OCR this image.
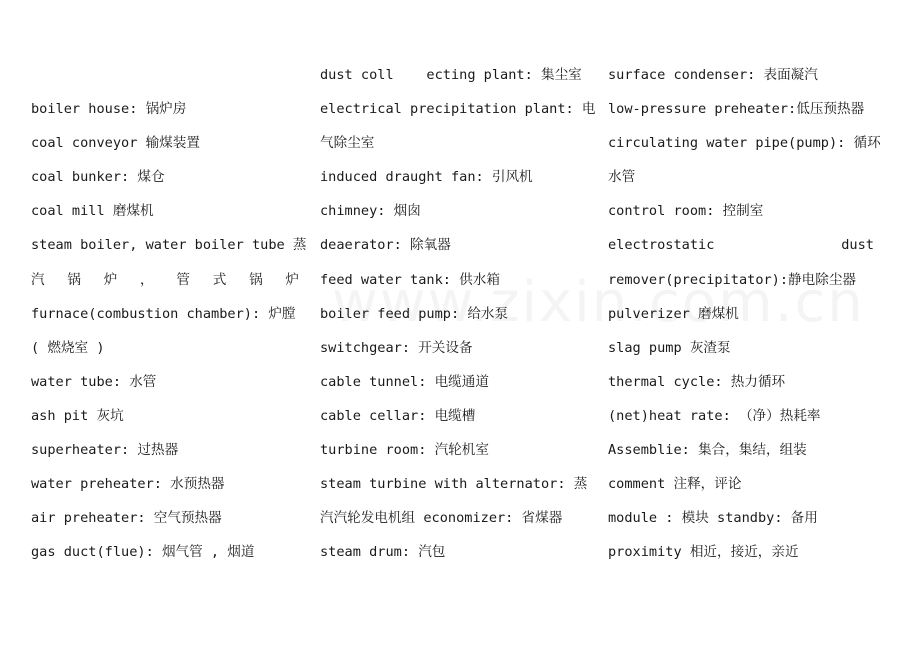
boiler house: 锅炉房
coal conveyor 输煤装置
coal bunker: 煤仓
coal mill 磨煤机
steam boiler, water boiler tube 蒸
汽 锅 炉 ， 管 式 锅 炉
furnace(combustion chamber): 炉膛
( 燃烧室 )
water tube: 水管
ash pit 灰坑
superheater: 过热器
water preheater: 水预热器
air preheater: 空气预热器
gas duct(flue): 烟气管 , 烟道
dust coll    ecting plant: 集尘室
electrical precipitation plant: 电
气除尘室
induced draught fan: 引风机
chimney: 烟囱
deaerator: 除氧器
feed water tank: 供水箱
boiler feed pump: 给水泵
switchgear: 开关设备
cable tunnel: 电缆通道
cable cellar: 电缆槽
turbine room: 汽轮机室
steam turbine with alternator: 蒸
汽汽轮发电机组 economizer: 省煤器
steam drum: 汽包
surface condenser: 表面凝汽
low-pressure preheater:低压预热器
circulating water pipe(pump): 循环
水管
control room: 控制室
electrostatic	dust
remover(precipitator):静电除尘器
pulverizer 磨煤机
slag pump 灰渣泵
thermal cycle: 热力循环
(net)heat rate: （净）热耗率
Assemblie: 集合，集结，组装
comment 注释，评论
module : 模块 standby: 备用
proximity 相近，接近，亲近
